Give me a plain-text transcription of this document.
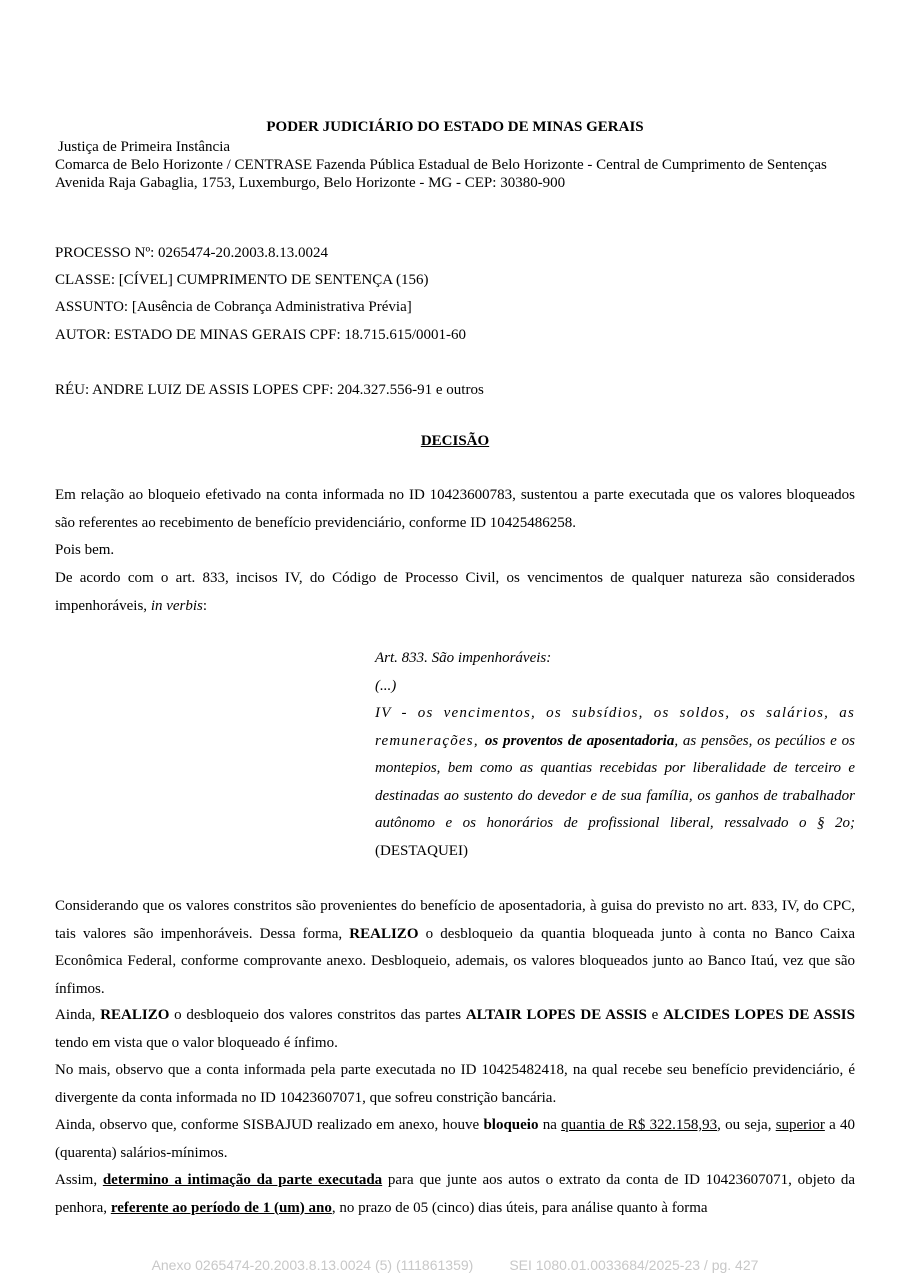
PODER JUDICIÁRIO DO ESTADO DE MINAS GERAIS
Justiça de Primeira Instância
Comarca de Belo Horizonte / CENTRASE Fazenda Pública Estadual de Belo Horizonte - Central de Cumprimento de Sentenças
Avenida Raja Gabaglia, 1753, Luxemburgo, Belo Horizonte - MG - CEP: 30380-900
PROCESSO Nº: 0265474-20.2003.8.13.0024
CLASSE: [CÍVEL] CUMPRIMENTO DE SENTENÇA (156)
ASSUNTO: [Ausência de Cobrança Administrativa Prévia]
AUTOR: ESTADO DE MINAS GERAIS CPF: 18.715.615/0001-60
RÉU: ANDRE LUIZ DE ASSIS LOPES CPF: 204.327.556-91 e outros
DECISÃO
Em relação ao bloqueio efetivado na conta informada no ID 10423600783, sustentou a parte executada que os valores bloqueados são referentes ao recebimento de benefício previdenciário, conforme ID 10425486258.
Pois bem.
De acordo com o art. 833, incisos IV, do Código de Processo Civil, os vencimentos de qualquer natureza são considerados impenhoráveis, in verbis:
Art. 833. São impenhoráveis:
(...)
IV - os vencimentos, os subsídios, os soldos, os salários, as remunerações, os proventos de aposentadoria, as pensões, os pecúlios e os montepios, bem como as quantias recebidas por liberalidade de terceiro e destinadas ao sustento do devedor e de sua família, os ganhos de trabalhador autônomo e os honorários de profissional liberal, ressalvado o § 2o; (DESTAQUEI)
Considerando que os valores constritos são provenientes do benefício de aposentadoria, à guisa do previsto no art. 833, IV, do CPC, tais valores são impenhoráveis. Dessa forma, REALIZO o desbloqueio da quantia bloqueada junto à conta no Banco Caixa Econômica Federal, conforme comprovante anexo. Desbloqueio, ademais, os valores bloqueados junto ao Banco Itaú, vez que são ínfimos.
Ainda, REALIZO o desbloqueio dos valores constritos das partes ALTAIR LOPES DE ASSIS e ALCIDES LOPES DE ASSIS tendo em vista que o valor bloqueado é ínfimo.
No mais, observo que a conta informada pela parte executada no ID 10425482418, na qual recebe seu benefício previdenciário, é divergente da conta informada no ID 10423607071, que sofreu constrição bancária.
Ainda, observo que, conforme SISBAJUD realizado em anexo, houve bloqueio na quantia de R$ 322.158,93, ou seja, superior a 40 (quarenta) salários-mínimos.
Assim, determino a intimação da parte executada para que junte aos autos o extrato da conta de ID 10423607071, objeto da penhora, referente ao período de 1 (um) ano, no prazo de 05 (cinco) dias úteis, para análise quanto à forma
Anexo 0265474-20.2003.8.13.0024 (5) (111861359)	SEI 1080.01.0033684/2025-23 / pg. 427
